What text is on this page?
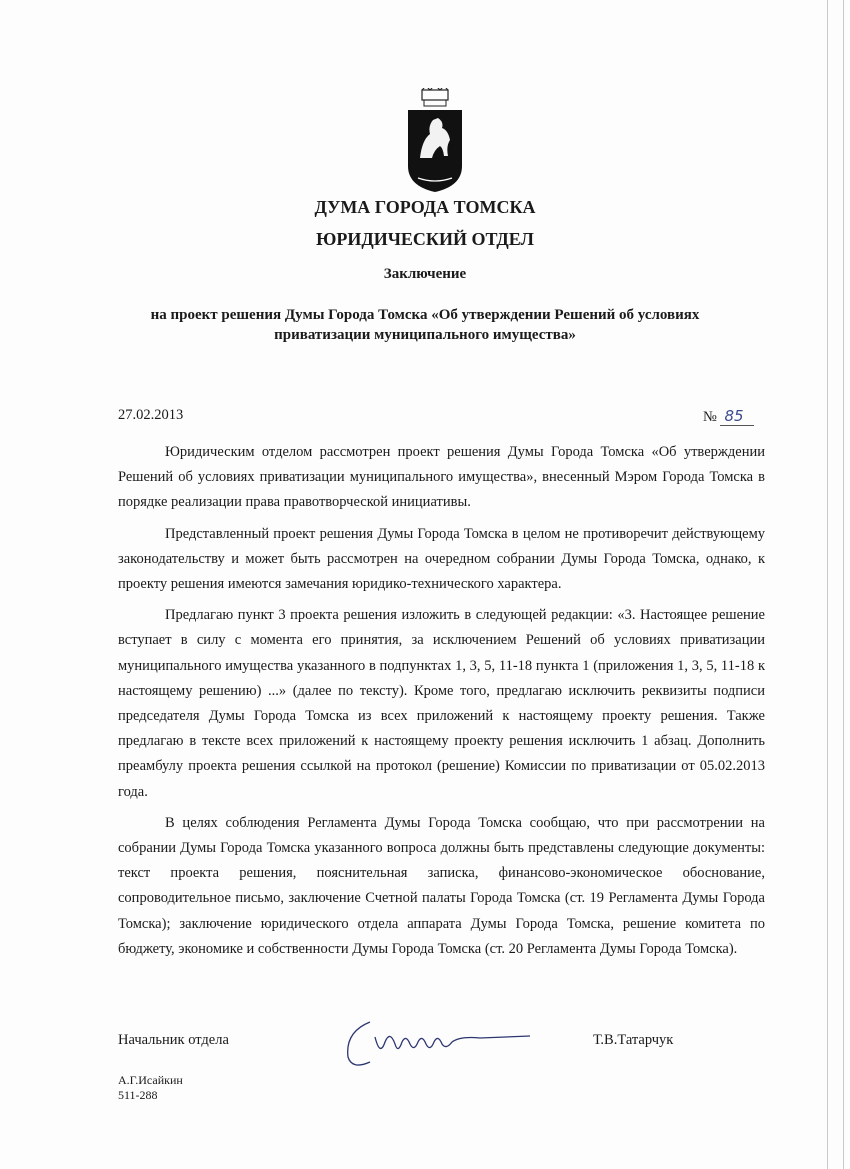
ДУМА ГОРОДА ТОМСКА
ЮРИДИЧЕСКИЙ ОТДЕЛ
Заключение
на проект решения Думы Города Томска «Об утверждении Решений об условиях
приватизации муниципального имущества»
27.02.2013	№ 85

Юридическим отделом рассмотрен проект решения Думы Города Томска «Об утверждении Решений об условиях приватизации муниципального имущества», внесенный Мэром Города Томска в порядке реализации права правотворческой инициативы.

Представленный проект решения Думы Города Томска в целом не противоречит действующему законодательству и может быть рассмотрен на очередном собрании Думы Города Томска, однако, к проекту решения имеются замечания юридико-технического характера.

Предлагаю пункт 3 проекта решения изложить в следующей редакции: «3. Настоящее решение вступает в силу с момента его принятия, за исключением Решений об условиях приватизации муниципального имущества указанного в подпунктах 1, 3, 5, 11-18 пункта 1 (приложения 1, 3, 5, 11-18 к настоящему решению) ...» (далее по тексту). Кроме того, предлагаю исключить реквизиты подписи председателя Думы Города Томска из всех приложений к настоящему проекту решения. Также предлагаю в тексте всех приложений к настоящему проекту решения исключить 1 абзац. Дополнить преамбулу проекта решения ссылкой на протокол (решение) Комиссии по приватизации от 05.02.2013 года.

В целях соблюдения Регламента Думы Города Томска сообщаю, что при рассмотрении на собрании Думы Города Томска указанного вопроса должны быть представлены следующие документы: текст проекта решения, пояснительная записка, финансово-экономическое обоснование, сопроводительное письмо, заключение Счетной палаты Города Томска (ст. 19 Регламента Думы Города Томска); заключение юридического отдела аппарата Думы Города Томска, решение комитета по бюджету, экономике и собственности Думы Города Томска (ст. 20 Регламента Думы Города Томска).

Начальник отдела	Т.В.Татарчук
А.Г.Исайкин
511-288
